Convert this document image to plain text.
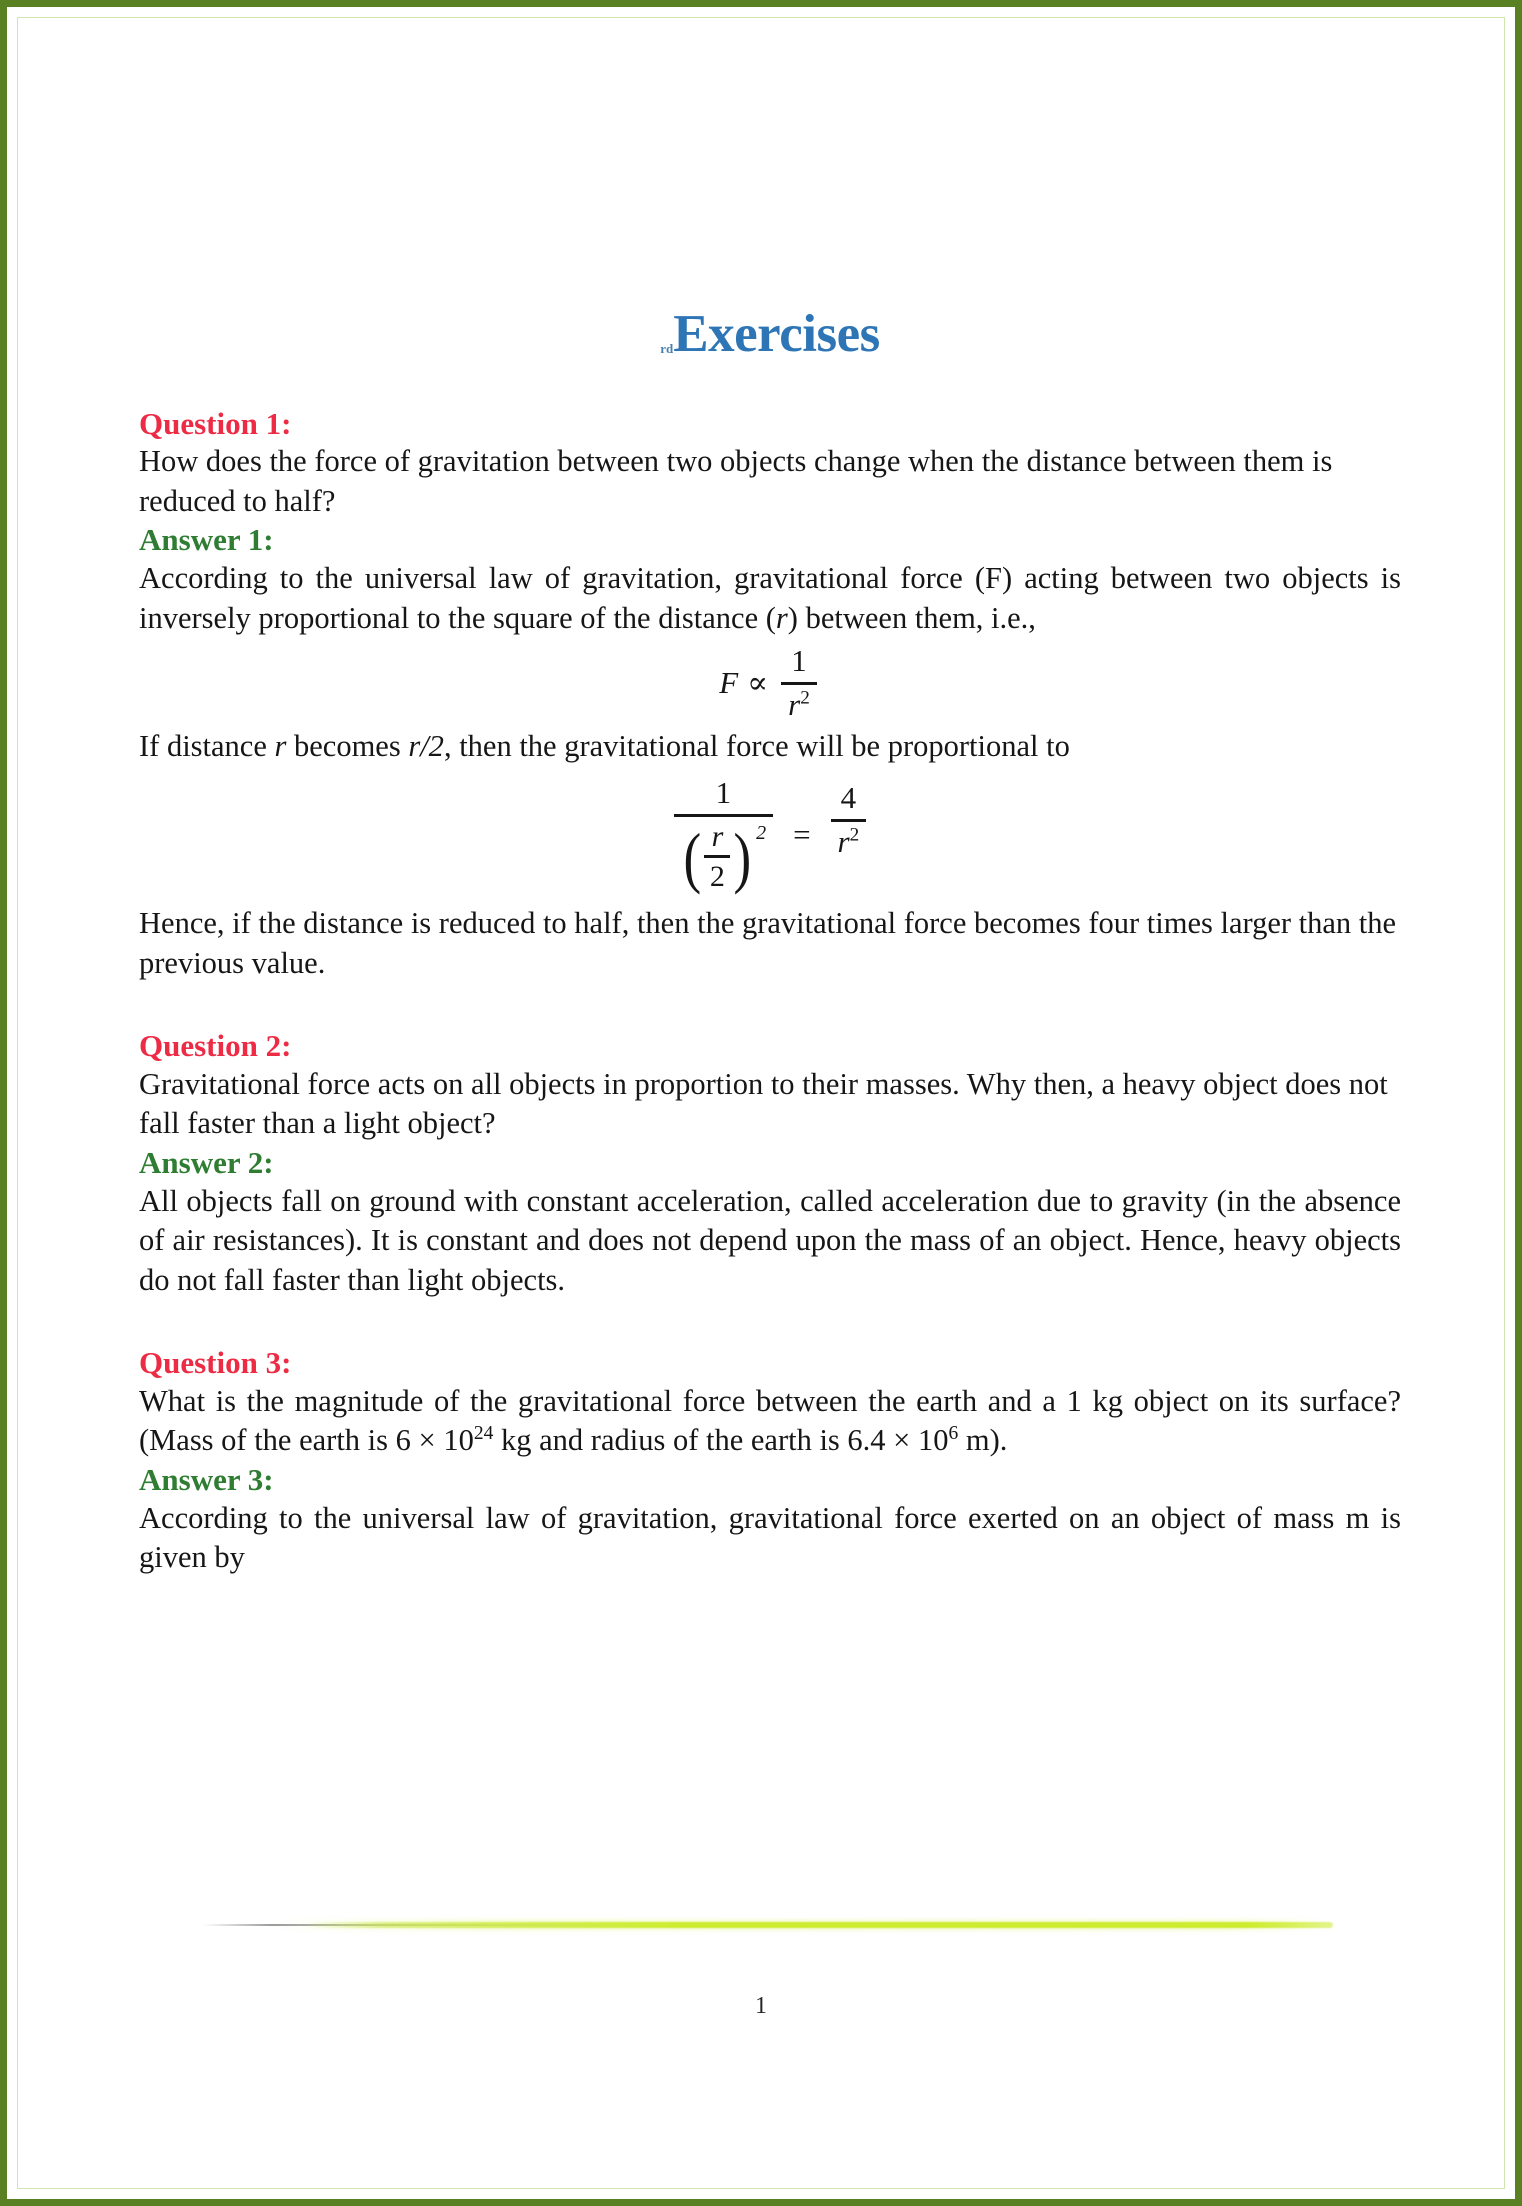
rdExercises

Question 1:

How does the force of gravitation between two objects change when the distance between them is reduced to half?

Answer 1:

According to the universal law of gravitation, gravitational force (F) acting between two objects is inversely proportional to the square of the distance (r) between them, i.e.,

$F \propto \frac{1}{r^2}$

If distance r becomes r/2, then the gravitational force will be proportional to

1
( $\frac{r}{2}$ ) $2 = \frac{4}{r^2}$

Hence, if the distance is reduced to half, then the gravitational force becomes four times larger than the previous value.

Question 2:

Gravitational force acts on all objects in proportion to their masses. Why then, a heavy object does not fall faster than a light object?

Answer 2:

All objects fall on ground with constant acceleration, called acceleration due to gravity (in the absence of air resistances). It is constant and does not depend upon the mass of an object. Hence, heavy objects do not fall faster than light objects.

Question 3:

What is the magnitude of the gravitational force between the earth and a 1 kg object on its surface? (Mass of the earth is $6 \times 10^{24}$ kg and radius of the earth is $6.4 \times 10^6$ m).

Answer 3:

According to the universal law of gravitation, gravitational force exerted on an object of mass m is given by

1
